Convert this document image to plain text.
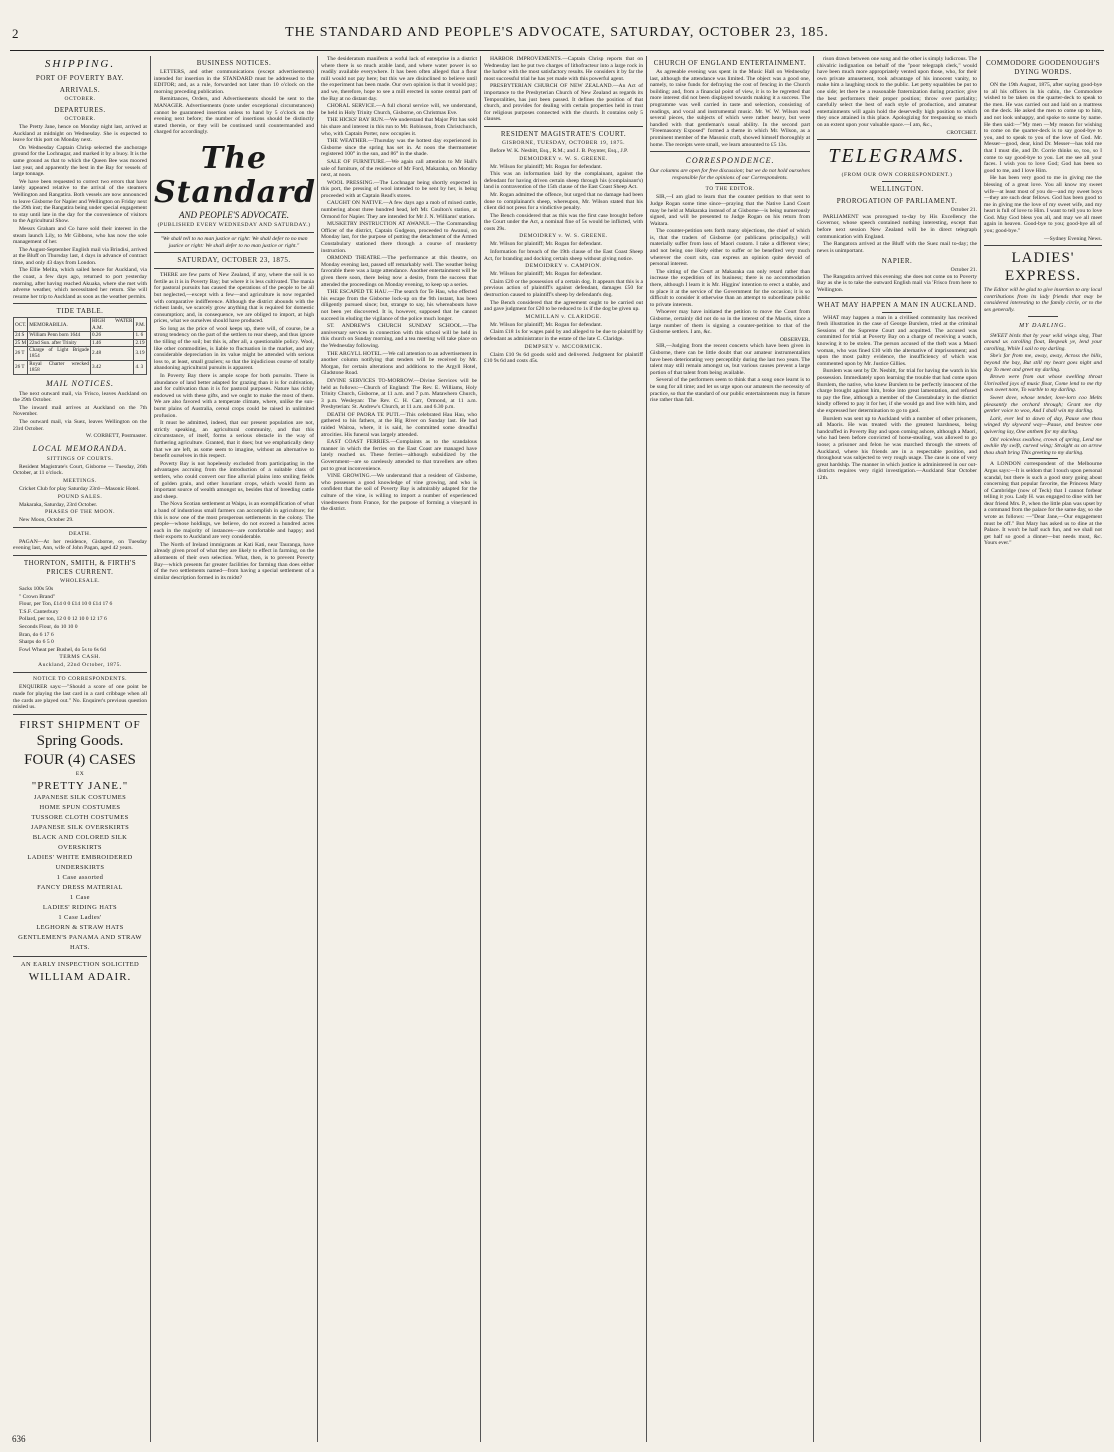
2	THE STANDARD AND PEOPLE'S ADVOCATE, SATURDAY, OCTOBER 23, 185.
SHIPPING.
PORT OF POVERTY BAY.
ARRIVALS.
OCTOBER.
DEPARTURES.
OCTOBER.

The Pretty Jane, hence on Monday night last, arrived at Auckland at midnight on Wednesday. She is expected to leave for this port on Monday next.

On Wednesday Captain Chrisp selected the anchorage ground for the Lochnagar, and marked it by a buoy. It is the same ground as that to which the Queen Bee was moored last year, and apparently the best in the Bay for vessels of large tonnage.

We have been requested to correct two errors that have lately appeared relative to the arrival of the steamers Wellington and Rangatira. Both vessels are now announced to leave Gisborne for Napier and Wellington on Friday next the 29th inst; the Rangatira being under special engagement to stay until late in the day for the convenience of visitors to the Agricultural Show.

Messrs Graham and Co have sold their interest in the steam launch Lily, to Mr Gibbons, who has now the sole management of her.

The August-September English mail via Brindisi, arrived at the Bluff on Thursday last, 4 days in advance of contract time, and only 43 days from London.

The Ellie Melita, which sailed hence for Auckland, via the coast, a few days ago, returned to port yesterday morning, after having reached Akuaka, where she met with adverse weather, which necessitated her return. She will resume her trip to Auckland as soon as the weather permits.

TIDE TABLE.
OCT.	MEMORABILIA.	HIGH WATER A.M.	P.M.
24 S	William Penn born 1644	0.26	1. 6
25 M	22nd Sun. after Trinity	1.46	2.19
26 T	Charge of Light Brigade 1854	2.48	3.19
26 T	Royal Charter wrecked 1858	3.42	4. 3
MAIL NOTICES.

The next outward mail, via 'Frisco, leaves Auckland on the 29th October.

The inward mail arrives at Auckland on the 7th November.

The outward mail, via Suez, leaves Wellington on the 23rd October.

W. CORBETT, Postmaster.
LOCAL MEMORANDA.
SITTINGS OF COURTS.

Resident Magistrate's Court, Gisborne — Tuesday, 26th October, at 11 o'clock.

MEETINGS.

Cricket Club for play Saturday 23rd—Masonic Hotel.

POUND SALES.

Makaraka, Saturday, 23rd October.

PHASES OF THE MOON.

New Moon, October 29.

DEATH.

PAGAN—At her residence, Gisborne, on Tuesday evening last, Ann, wife of John Pagan, aged 42 years.

THORNTON, SMITH, & FIRTH'S PRICES CURRENT.
WHOLESALE.

Sacks 100s 50s

" Crown Brand"

Flour, per Ton, £14 0 0 £14 10 0 £14 17 6

T.S.F. Canterbury

Pollard, per ton, 12 0 0 12 10 0 12 17 6

Seconds Flour, do 10 10 0

Bran, do 6 17 6

Sharps do 6 5 0

Fowl Wheat per Bushel, do 5s to 6s 6d

TERMS CASH.
Auckland, 22nd October, 1875.
NOTICE TO CORRESPONDENTS.

ENQUIRER says:—"Should a score of one point be made for playing the last card in a card cribbage when all the cards are played out." No. Enquirer's previous question misled us.

FIRST SHIPMENT OF
Spring Goods.
FOUR (4) CASES
EX
"PRETTY JANE."
JAPANESE SILK COSTUMES
HOME SPUN COSTUMES
TUSSORE CLOTH COSTUMES
JAPANESE SILK OVERSKIRTS
BLACK AND COLORED SILK
OVERSKIRTS
LADIES' WHITE EMBROIDERED
UNDERSKIRTS
1 Case assorted
FANCY DRESS MATERIAL
1 Case
LADIES' RIDING HATS
1 Case Ladies'
LEGHORN & STRAW HATS
GENTLEMEN'S PANAMA AND STRAW HATS.
AN EARLY INSPECTION SOLICITED
WILLIAM ADAIR.
BUSINESS NOTICES.

LETTERS, and other communications (except advertisements) intended for insertion in the STANDARD must be addressed to the EDITOR; and, as a rule, forwarded not later than 10 o'clock on the morning preceding publication.

Remittances, Orders, and Advertisements should be sent to the MANAGER. Advertisements (note under exceptional circumstances) cannot be guaranteed insertion unless to hand by 5 o'clock on the evening next before; the number of insertions should be distinctly stated therein, or they will be continued until countermanded and charged for accordingly.

The Standard
AND PEOPLE'S ADVOCATE.
(PUBLISHED EVERY WEDNESDAY AND SATURDAY.)

"We shall tell to no man justice or right: We shall defer to no man justice or right: We shall defer to no man justice or right."

SATURDAY, OCTOBER 23, 1875.

THERE are few parts of New Zealand, if any, where the soil is so fertile as it is in Poverty Bay; but where it is less cultivated. The mania for pastoral pursuits has caused the operations of the people to be all but neglected,—except with a few—and agriculture is now regarded with comparative indifference. Although the district abounds with the richest lands, we scarcely grow anything that is required for domestic consumption; and, in consequence, we are obliged to import, at high prices, what we ourselves should have produced.

So long as the price of wool keeps up, there will, of course, be a strong tendency on the part of the settlers to rear sheep, and thus ignore the tilling of the soil; but this is, after all, a questionable policy. Wool, like other commodities, is liable to fluctuation in the market, and any considerable depreciation in its value might be attended with serious loss to, at least, small graziers; so that the injudicious course of totally abandoning agricultural pursuits is apparent.

In Poverty Bay there is ample scope for both pursuits. There is abundance of land better adapted for grazing than it is for cultivation, and for cultivation than it is for pastoral purposes. Nature has richly endowed us with these gifts, and we ought to make the most of them. We are also favored with a temperate climate, where, unlike the sun-burnt plains of Australia, cereal crops could be raised in unlimited profusion.

It must be admitted, indeed, that our present population are not, strictly speaking, an agricultural community, and that this circumstance, of itself, forms a serious obstacle in the way of furthering agriculture. Granted, that it does; but we emphatically deny that we are left, as some seem to imagine, without an alternative to benefit ourselves in this respect.

Poverty Bay is not hopelessly excluded from participating in the advantages accruing from the introduction of a suitable class of settlers, who could convert our fine alluvial plains into smiling fields of golden grain, and other luxuriant crops, which would form an important source of wealth amongst us, besides that of breeding cattle and sheep.

The Nova Scotian settlement at Waipu, is an exemplification of what a band of industrious small farmers can accomplish in agriculture; for this is now one of the most prosperous settlements in the colony. The people—whose holdings, we believe, do not exceed a hundred acres each in the majority of instances—are comfortable and happy; and their exports to Auckland are very considerable.

The North of Ireland immigrants at Kati Kati, near Tauranga, have already given proof of what they are likely to effect in farming, on the allotments of their own selection. What, then, is to prevent Poverty Bay—which presents far greater facilities for farming than does either of the two settlements named—from having a special settlement of a similar description formed in its midst?

The desideratum manifests a woful lack of enterprise in a district where there is so much arable land, and where water power is so readily available everywhere. It has been often alleged that a flour mill would not pay here; but this we are disinclined to believe until the experiment has been made. Our own opinion is that it would pay; and we, therefore, hope to see a mill erected in some central part of the Bay at no distant day.

CHORAL SERVICE.—A full choral service will, we understand, be held in Holy Trinity Church, Gisborne, on Christmas Eve.

THE HICKS' BAY RUN.—We understand that Major Pitt has sold his share and interest in this run to Mr. Robinson, from Christchurch, who, with Captain Porter, now occupies it.

THE WEATHER.—Thursday was the hottest day experienced in Gisborne since the spring has set in. At noon the thermometer registered 100° in the sun, and 86° in the shade.

SALE OF FURNITURE.—We again call attention to Mr Hall's sale of furniture, of the residence of Mr Ford, Makaraka, on Monday next, at noon.

WOOL PRESSING.—The Lochnagar being shortly expected in this port, the pressing of wool intended to be sent by her, is being proceeded with at Captain Read's stores.

CAUGHT ON NATIVE.—A few days ago a mob of mixed cattle, numbering about three hundred head, left Mr. Coulton's station, at Ormond for Napier. They are intended for Mr J. N. Williams' station.

MUSKETRY INSTRUCTION AT AWANUI.—The Commanding Officer of the district, Captain Gudgeon, proceeded to Awanui, on Monday last, for the purpose of putting the detachment of the Armed Constabulary stationed there through a course of musketry instruction.

ORMOND THEATRE.—The performance at this theatre, on Monday evening last, passed off remarkably well. The weather being favorable there was a large attendance. Another entertainment will be given there soon, there being now a desire, from the success that attended the proceedings on Monday evening, to keep up a series.

THE ESCAPED TE HAU.—The search for Te Hau, who effected his escape from the Gisborne lock-up on the 9th instant, has been diligently pursued since; but, strange to say, his whereabouts have not been yet discovered. It is, however, supposed that he cannot succeed in eluding the vigilance of the police much longer.

ST. ANDREW'S CHURCH SUNDAY SCHOOL.—The anniversary services in connection with this school will be held in this church on Sunday morning, and a tea meeting will take place on the Wednesday following.

THE ARGYLL HOTEL.—We call attention to an advertisement in another column notifying that tenders will be received by Mr. Morgan, for certain alterations and additions to the Argyll Hotel, Gladstone Road.

DIVINE SERVICES TO-MORROW.—Divine Services will be held as follows:—Church of England: The Rev. E. Williams, Holy Trinity Church, Gisborne, at 11 a.m. and 7 p.m. Matawhero Church, 3 p.m. Wesleyan: The Rev. C. H. Carr, Ormond, at 11 a.m. Presbyterian: St. Andrew's Church, at 11 a.m. and 6.30 p.m.

DEATH OF PAORA TE PUTI.—This celebrated Hau Hau, who gathered to his fathers, at the Big River on Sunday last. He had raided Wairoa, where, it is said, he committed some dreadful atrocities. His funeral was largely attended.

EAST COAST FERRIES.—Complaints as to the scandalous manner in which the ferries on the East Coast are managed have lately reached us. These ferries—although subsidized by the Government—are so carelessly attended to that travellers are often put to great inconvenience.

VINE GROWING.—We understand that a resident of Gisborne, who possesses a good knowledge of vine growing, and who is confident that the soil of Poverty Bay is admirably adapted for the culture of the vine, is willing to import a number of experienced vinedressers from France, for the purpose of forming a vineyard in the district.

HARBOR IMPROVEMENTS.—Captain Chrisp reports that on Wednesday last he put two charges of lithofracteur into a large rock in the harbor with the most satisfactory results. He considers it by far the most successful trial he has yet made with this powerful agent.

PRESBYTERIAN CHURCH OF NEW ZEALAND.—An Act of importance to the Presbyterian Church of New Zealand as regards its Temporalities, has just been passed. It defines the position of that church, and provides for dealing with certain properties held in trust for religious purposes connected with the church. It contains only 5 clauses.

RESIDENT MAGISTRATE'S COURT.
GISBORNE, TUESDAY, OCTOBER 19, 1875.

Before W. K. Nesbitt, Esq., R.M.; and J. B. Poynter, Esq., J.P.

DEMOIDREY v. W. S. GREENE.

Mr. Wilson for plaintiff; Mr. Rogan for defendant.

This was an information laid by the complainant, against the defendant for having driven certain sheep through his (complainant's) land in contravention of the 15th clause of the East Coast Sheep Act.

Mr. Rogan admitted the offence, but urged that no damage had been done to complainant's sheep, whereupon, Mr. Wilson stated that his client did not press for a vindictive penalty.

The Bench considered that as this was the first case brought before the Court under the Act, a nominal fine of 5s would be inflicted, with costs 29s.

DEMOIDREY v. W. S. GREENE.

Mr. Wilson for plaintiff; Mr. Rogan for defendant.

Information for breach of the 19th clause of the East Coast Sheep Act, for branding and docking certain sheep without giving notice.

DEMOIDREY v. CAMPION.

Mr. Wilson for plaintiff; Mr. Rogan for defendant.

Claim £20 or the possession of a certain dog. It appears that this is a previous action of plaintiff's against defendant, damages £50 for destruction caused to plaintiff's sheep by defendant's dog.

The Bench considered that the agreement ought to be carried out and gave judgment for £20 to be reduced to 1s if the dog be given up.

MCMILLAN v. CLARIDGE.

Mr. Wilson for plaintiff; Mr. Rogan for defendant.

Claim £18 1s for wages paid by and alleged to be due to plaintiff by defendant as administrator in the estate of the late C. Claridge.

DEMPSEY v. MCCORMICK.

Claim £10 9s 6d goods sold and delivered. Judgment for plaintiff £10 9s 6d and costs 45s.

CHURCH OF ENGLAND ENTERTAINMENT.

As agreeable evening was spent in the Music Hall on Wednesday last, although the attendance was limited. The object was a good one, namely, to raise funds for defraying the cost of fencing in the Church building; and, from a financial point of view, it is to be regretted that more interest did not been displayed towards making it a success. The programme was well carried in taste and selection, consisting of readings, and vocal and instrumental music. Mr. W. W. Wilson read several pieces, the subjects of which were rather heavy, but were handled with that gentleman's usual ability. In the second part "Freemasonry Exposed" formed a theme in which Mr. Wilson, as a prominent member of the Masonic craft, showed himself thoroughly at home. The receipts were small, we learn amounted to £5 13s.

CORRESPONDENCE.

Our columns are open for free discussion; but we do not hold ourselves responsible for the opinions of our Correspondents.

TO THE EDITOR.

SIR,—I am glad to learn that the counter petition to that sent to Judge Rogan some time since—praying that the Native Land Court may be held at Makaraka instead of at Gisborne—is being numerously signed, and will be presented to Judge Rogan on his return from Waitara.

The counter-petition sets forth many objections, the chief of which is, that the traders of Gisborne (or publicans principally,) will materially suffer from loss of Maori custom. I take a different view; and not being one likely either to suffer or be benefited very much wherever the court sits, can express an opinion quite devoid of personal interest.

The sitting of the Court at Makaraka can only retard rather than increase the expedition of its business; there is no accommodation there, although I learn it is Mr. Higgins' intention to erect a stable, and to place it at the service of the Government for the occasion; it is so difficult to consider it otherwise than an attempt to subordinate public to private interests.

Whoever may have initiated the petition to move the Court from Gisborne, certainly did not do so in the interest of the Maoris, since a large number of them is signing a counter-petition to that of the Gisborne settlers. I am, &c.

OBSERVER.

SIR,—Judging from the recent concerts which have been given in Gisborne, there can be little doubt that our amateur instrumentalists have been deteriorating very perceptibly during the last two years. The talent may still remain amongst us, but various causes prevent a large portion of that talent from being available.

Several of the performers seem to think that a song once learnt is to be sung for all time; and let us urge upon our amateurs the necessity of practice, so that the standard of our public entertainments may in future rise rather than fall.

rison drawn between one song and the other is simply ludicrous. The chivalric indignation on behalf of the "poor telegraph clerk," would have been much more appropriately vented upon those, who, for their own private amusement, took advantage of his innocent vanity, to make him a laughing stock to the public. Let petty squabbles be put to one side; let there be a reasonable fraternization during practice; give the best performers their proper position; throw over partiality; carefully select the best of each style of production, and amateur entertainments will again hold the deservedly high position to which they once attained in this place. Apologizing for trespassing so much on an extent upon your valuable space.—I am, &c.,

CROTCHET.
TELEGRAMS.
(FROM OUR OWN CORRESPONDENT.)
WELLINGTON.
PROROGATION OF PARLIAMENT.
October 21.

PARLIAMENT was prorogued to-day by His Excellency the Governor, whose speech contained nothing interesting, except that before next session New Zealand will be in direct telegraph communication with England.

The Rangatora arrived at the Bluff with the Suez mail to-day; the news is unimportant.

NAPIER.
October 21.

The Rangatira arrived this evening; she does not come on to Poverty Bay as she is to take the outward English mail via 'Frisco from here to Wellington.

WHAT MAY HAPPEN A MAN IN AUCKLAND.

WHAT may happen a man in a civilised community has received fresh illustration in the case of George Burslem, tried at the criminal Sessions of the Supreme Court and acquitted. The accused was committed for trial at Poverty Bay on a charge of receiving a watch, knowing it to be stolen. The person accused of the theft was a Maori woman, who was fined £10 with the alternative of imprisonment; and upon the most paltry evidence, the insufficiency of which was commented upon by Mr. Justice Gillies.

Burslem was sent by Dr. Nesbitt, for trial for having the watch in his possession. Immediately upon learning the trouble that had come upon Burslem, the native, who knew Burslem to be perfectly innocent of the charge brought against him, broke into great lamentation, and refused to pay the fine, although a member of the Constabulary in the district kindly offered to pay it for her, if she would go and live with him, and she expressed her determination to go to gaol.

Burslem was sent up to Auckland with a number of other prisoners, all Maoris. He was treated with the greatest harshness, being handcuffed in Poverty Bay and upon coming ashore, although a Maori, who had been before convicted of horse-stealing, was allowed to go loose; a prisoner and felon he was marched through the streets of Auckland, where his friends are in a respectable position, and throughout was subjected to very rough usage. The case is one of very great hardship. The manner in which justice is administered in our out-districts requires very rigid investigation.—Auckland Star October 12th.

COMMODORE GOODENOUGH'S DYING WORDS.

ON the 19th August, 1875, after saying good-bye to all his officers in his cabin, the Commodore wished to be taken on the quarter-deck to speak to the men. He was carried out and laid on a mattress on the deck. He asked the men to come up to him, and not look unhappy, and spoke to some by name. He then said:—"My men —My reason for wishing to come on the quarter-deck is to say good-bye to you, and to speak to you of the love of God. Mr. Messer—good, dear, kind Dr. Messer—has told me that I must die, and Dr. Corrie thinks so, too, so I come to say good-bye to you. Let me see all your faces. I wish you to love God; God has been so good to me, and I love Him.

He has been very good to me in giving me the blessing of a great love. You all know my sweet wife—at least most of you do—and my sweet boys—they are such dear fellows. God has been good to me in giving me the love of my sweet wife, and my heart is full of love to Him. I want to tell you to love God. May God bless you all, and may we all meet again in heaven. Good-bye to you; good-bye all of you; good-bye."

—Sydney Evening News.
LADIES' EXPRESS.

The Editor will be glad to give insertion to any local contributions from its lady friends that may be considered interesting to the family circle, or to the sex generally.

MY DARLING.

SWEET birds that by your wild wings sing, That around us carolling float, Bespeak ye, lend your carolling, While I sail to my darling.

She's far from me, away, away, Across the hills, beyond the bay, But still my heart goes night and day To meet and greet my darling.

Brown were from out whose swelling throat Unrivalled joys of music float, Come lend to me thy own sweet note, To warble to my darling.

Sweet dove, whose tender, love-lorn coo Melts pleasantly the orchard through; Grant me thy gentler voice to woo, And I shall win my darling.

Lark, ever led to dawn of day, Pause one thou winged thy skyward way—Pause, and bestow one quivering lay, One anthem for my darling.

Oh! voiceless swallow, crown of spring, Lend me awhile thy swift, curved wing; Straight as an arrow thou shalt bring This greeting to my darling.

A LONDON correspondent of the Melbourne Argus says:—It is seldom that I touch upon personal scandal, but there is such a good story going about concerning that popular favorite, the Princess Mary of Cambridge (now of Teck) that I cannot forbear telling it you. Lady H. was engaged to dine with her dear friend Mrs. P., when the little plan was upset by a command from the palace for the same day, so she wrote as follows: —"Dear Jane,—Our engagement must be off." But Mary has asked us to dine at the Palace. It won't be half such fun, and we shall not get half so good a dinner—but needs must, &c. Yours ever."

636
